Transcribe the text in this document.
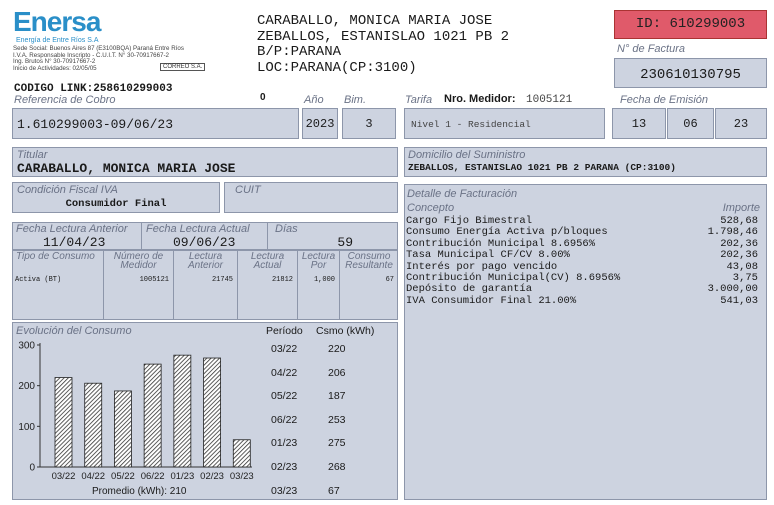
Enersa
Energía de Entre Ríos S.A
Sede Social: Buenos Aires 87 (E3100BQA) Paraná Entre Ríos
I.V.A. Responsable Inscripto - C.U.I.T. N° 30-70917667-2
Ing. Brutos N° 30-70917667-2
Inicio de Actividades: 02/05/05	CORREO S.A.
CODIGO LINK:258610299003
CARABALLO, MONICA MARIA JOSE
ZEBALLOS, ESTANISLAO 1021 PB 2
B/P:PARANA
LOC:PARANA(CP:3100)
ID: 610299003
N° de Factura
230610130795
Referencia de Cobro	0	Año Bim.	Tarifa Nro. Medidor: 1005121	Fecha de Emisión
1.610299003-09/06/23	2023	3	Nivel 1 - Residencial	13	06	23
Titular
CARABALLO, MONICA MARIA JOSE
Domicilio del Suministro
ZEBALLOS, ESTANISLAO 1021 PB 2 PARANA (CP:3100)
Condición Fiscal IVA
Consumidor Final
CUIT	Detalle de Facturación
Concepto	Importe
Cargo Fijo Bimestral	528,68
Consumo Energía Activa p/bloques	1.798,46
Contribución Municipal 8.6956%	202,36
Tasa Municipal CF/CV 8.00%	202,36
Interés por pago vencido	43,08
Contribución Municipal(CV) 8.6956%	3,75
Depósito de garantía	3.000,00
IVA Consumidor Final 21.00%	541,03
Fecha Lectura Anterior
11/04/23
Fecha Lectura Actual
09/06/23
Días
59
Tipo de Consumo
Activa (BT)
Número de Medidor
1005121
Lectura Anterior
21745
Lectura Actual
21812
Lectura Por
1,000
Consumo Resultante
67
Evolución del Consumo	Período Csmo (kWh)
03/22	220
04/22	206
05/22	187
06/22	253
01/23	275
02/23	268
03/23	67
0
100
200
300
03/22 04/22 05/22 06/22 01/23 02/23 03/23
Promedio (kWh): 210
